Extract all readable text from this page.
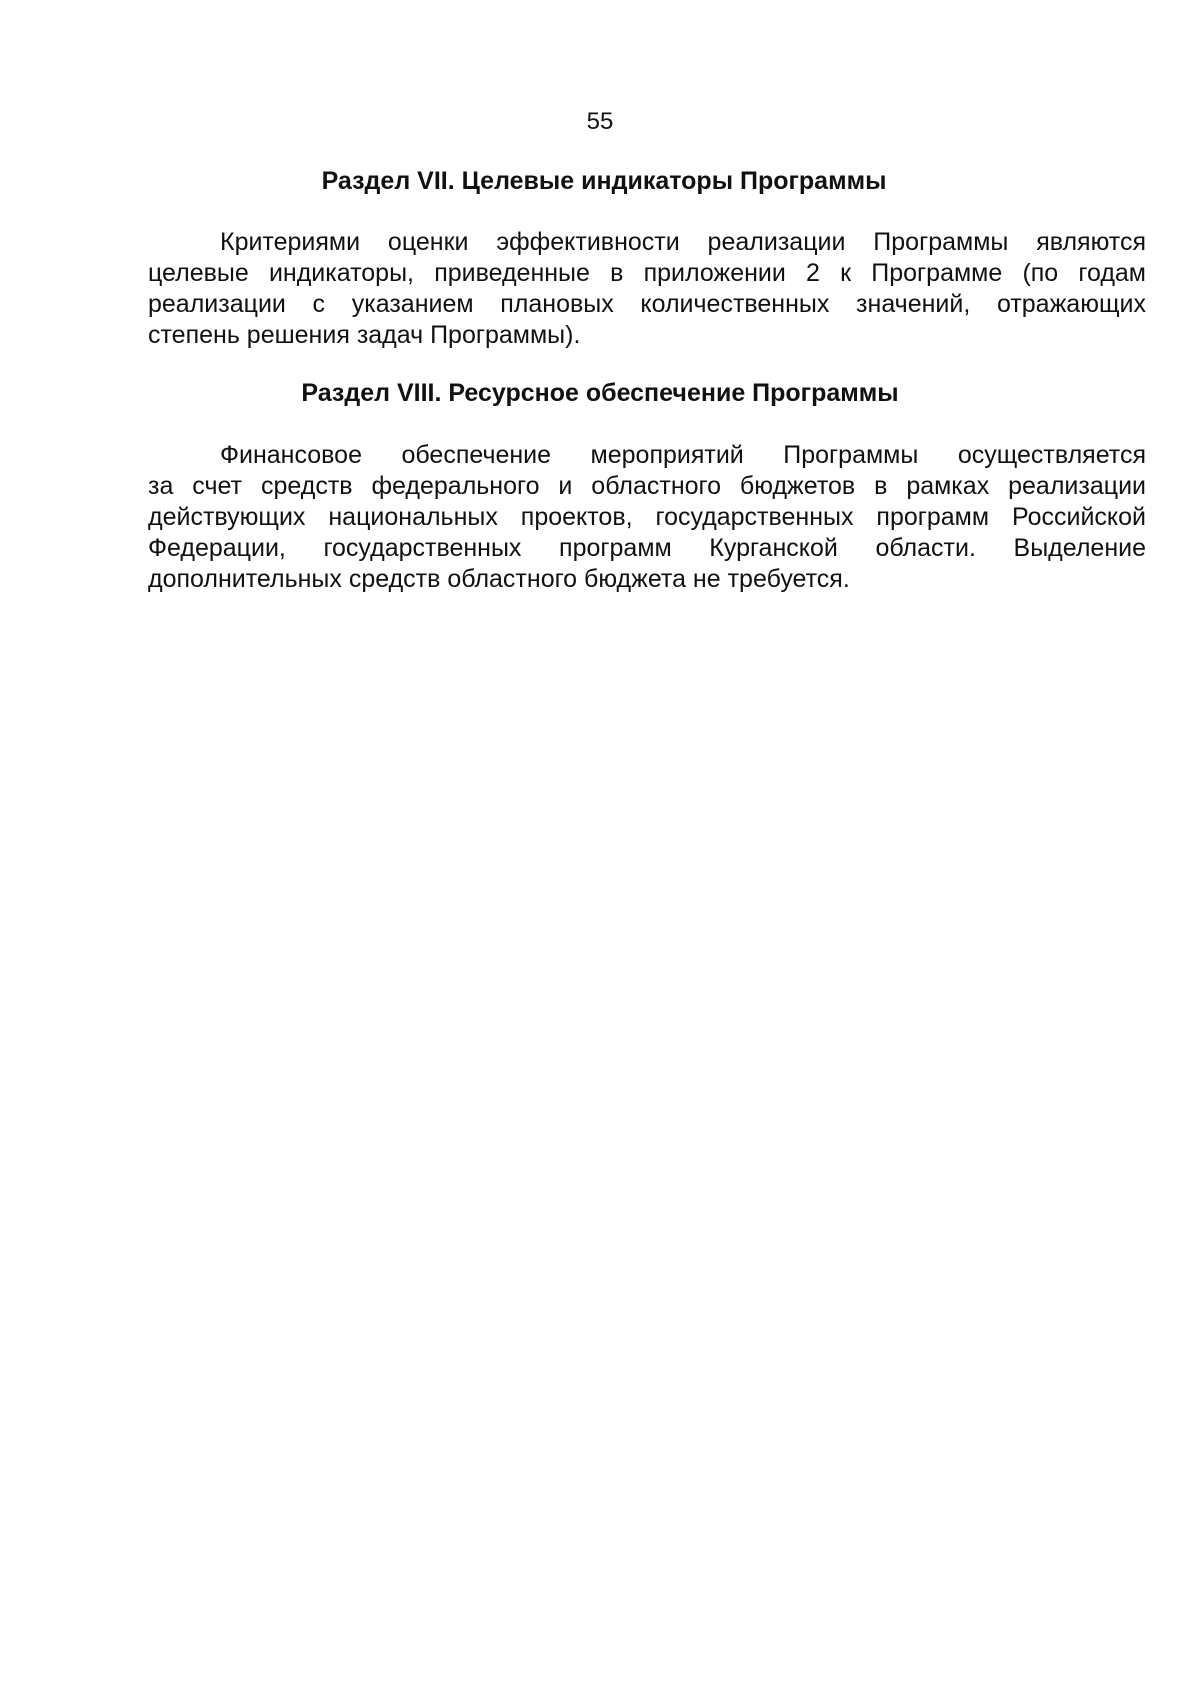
55
Раздел VII. Целевые индикаторы Программы

Критериями оценки эффективности реализации Программы являются
целевые индикаторы, приведенные в приложении 2 к Программе (по годам
реализации с указанием плановых количественных значений, отражающих
степень решения задач Программы).

Раздел VIII. Ресурсное обеспечение Программы

Финансовое обеспечение мероприятий Программы осуществляется
за счет средств федерального и областного бюджетов в рамках реализации
действующих национальных проектов, государственных программ Российской
Федерации, государственных программ Курганской области. Выделение
дополнительных средств областного бюджета не требуется.
